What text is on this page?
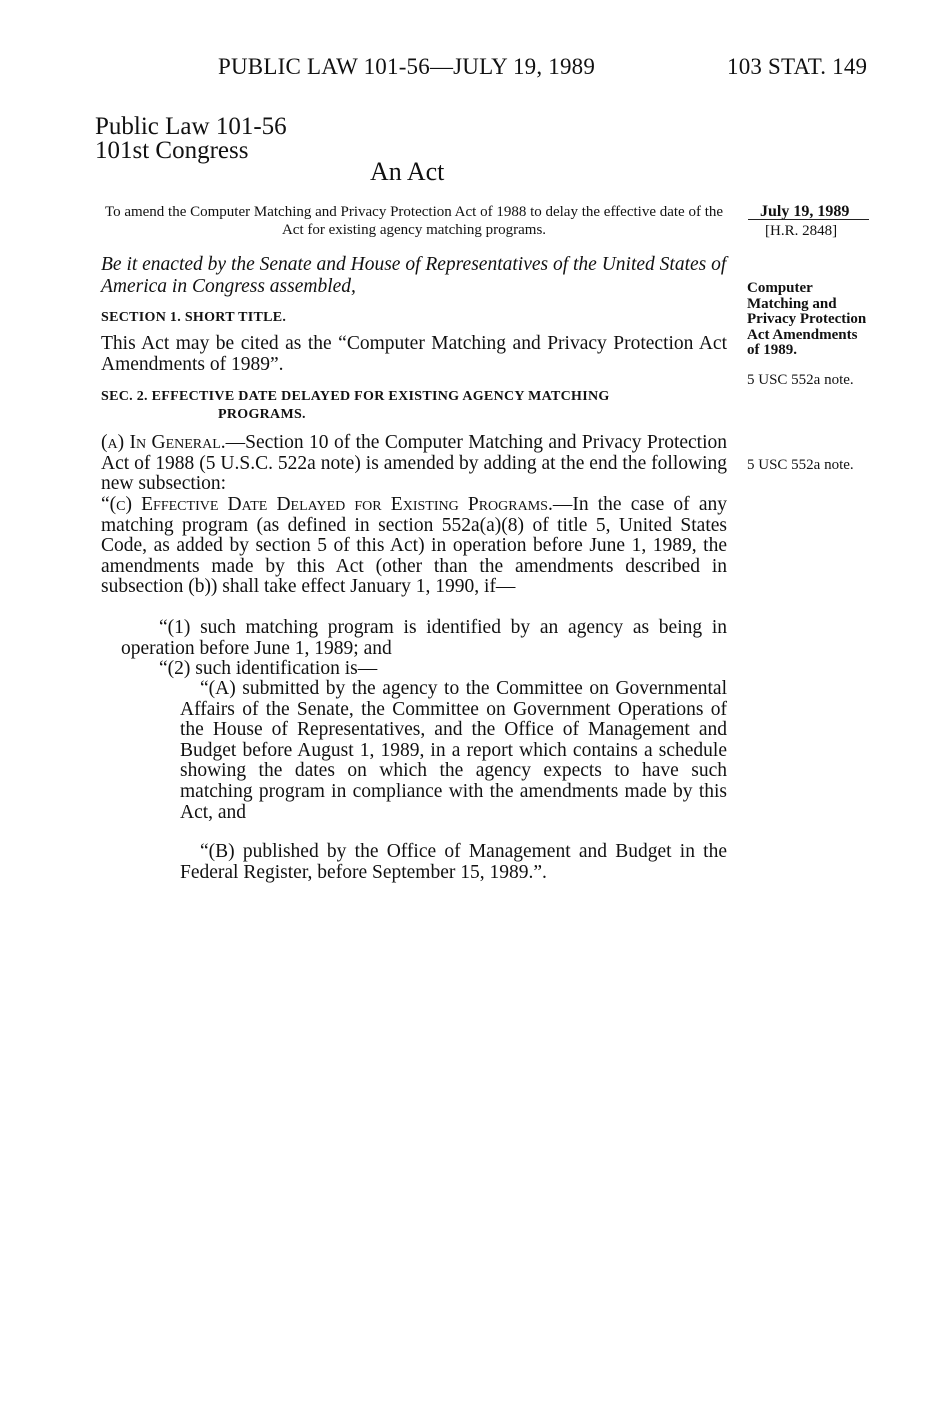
PUBLIC LAW 101-56—JULY 19, 1989	103 STAT. 149
Public Law 101-56
101st Congress
An Act
To amend the Computer Matching and Privacy Protection Act of 1988 to delay the effective date of the Act for existing agency matching programs.
July 19, 1989
[H.R. 2848]
Be it enacted by the Senate and House of Representatives of the United States of America in Congress assembled,	Computer Matching and Privacy Protection Act Amendments of 1989.
5 USC 552a note.
SECTION 1. SHORT TITLE.
This Act may be cited as the “Computer Matching and Privacy Protection Act Amendments of 1989”.
SEC. 2. EFFECTIVE DATE DELAYED FOR EXISTING AGENCY MATCHING
PROGRAMS.
(a) In General.—Section 10 of the Computer Matching and Privacy Protection Act of 1988 (5 U.S.C. 522a note) is amended by adding at the end the following new subsection:
5 USC 552a note.
“(c) Effective Date Delayed for Existing Programs.—In the case of any matching program (as defined in section 552a(a)(8) of title 5, United States Code, as added by section 5 of this Act) in operation before June 1, 1989, the amendments made by this Act (other than the amendments described in subsection (b)) shall take effect January 1, 1990, if—
“(1) such matching program is identified by an agency as being in operation before June 1, 1989; and
“(2) such identification is—
“(A) submitted by the agency to the Committee on Governmental Affairs of the Senate, the Committee on Government Operations of the House of Representatives, and the Office of Management and Budget before August 1, 1989, in a report which contains a schedule showing the dates on which the agency expects to have such matching program in compliance with the amendments made by this Act, and
“(B) published by the Office of Management and Budget in the Federal Register, before September 15, 1989.”.
